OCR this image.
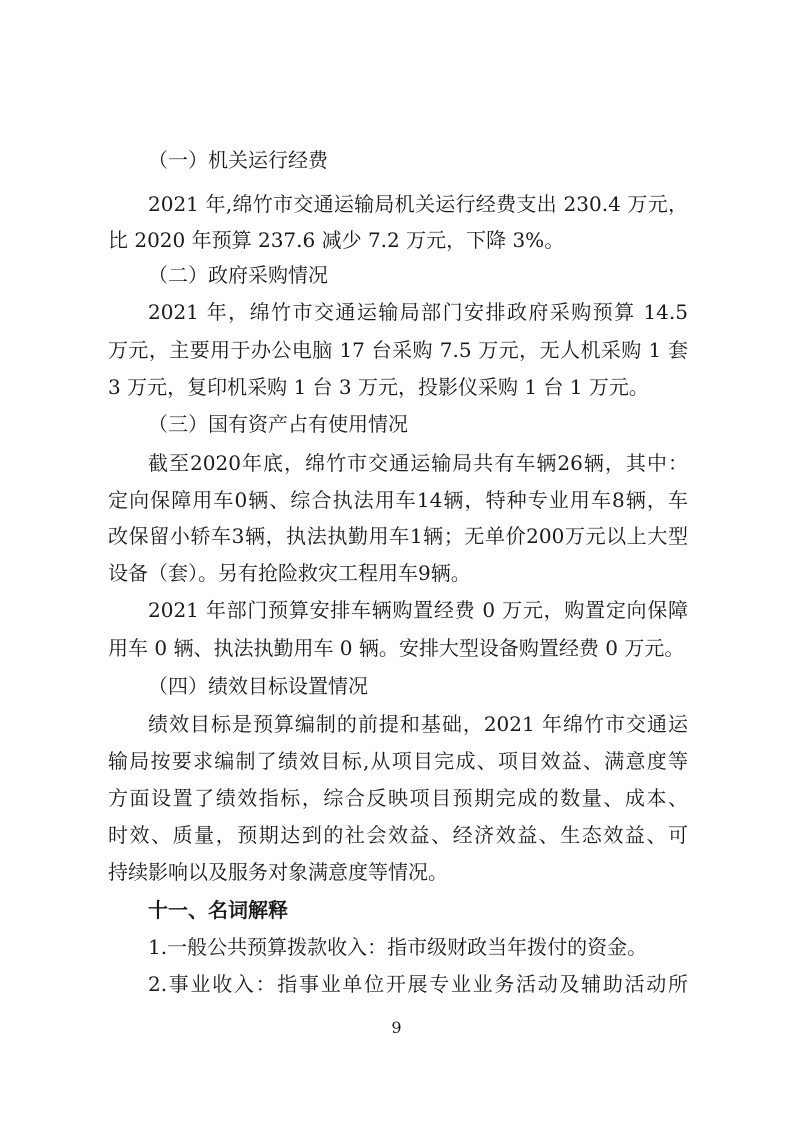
（一）机关运行经费
2021 年,绵竹市交通运输局机关运行经费支出 230.4 万元，
比 2020 年预算 237.6 减少 7.2 万元，下降 3%。
（二）政府采购情况
2021 年，绵竹市交通运输局部门安排政府采购预算 14.5
万元，主要用于办公电脑 17 台采购 7.5 万元，无人机采购 1 套
3 万元，复印机采购 1 台 3 万元，投影仪采购 1 台 1 万元。
（三）国有资产占有使用情况
截至2020年底，绵竹市交通运输局共有车辆26辆，其中：
定向保障用车0辆、综合执法用车14辆，特种专业用车8辆，车
改保留小轿车3辆，执法执勤用车1辆；无单价200万元以上大型
设备（套）。另有抢险救灾工程用车9辆。
2021 年部门预算安排车辆购置经费 0 万元，购置定向保障
用车 0 辆、执法执勤用车 0 辆。安排大型设备购置经费 0 万元。
（四）绩效目标设置情况
绩效目标是预算编制的前提和基础，2021 年绵竹市交通运
输局按要求编制了绩效目标,从项目完成、项目效益、满意度等
方面设置了绩效指标，综合反映项目预期完成的数量、成本、
时效、质量，预期达到的社会效益、经济效益、生态效益、可
持续影响以及服务对象满意度等情况。
十一、名词解释
1.一般公共预算拨款收入：指市级财政当年拨付的资金。
2.事业收入：指事业单位开展专业业务活动及辅助活动所
9
